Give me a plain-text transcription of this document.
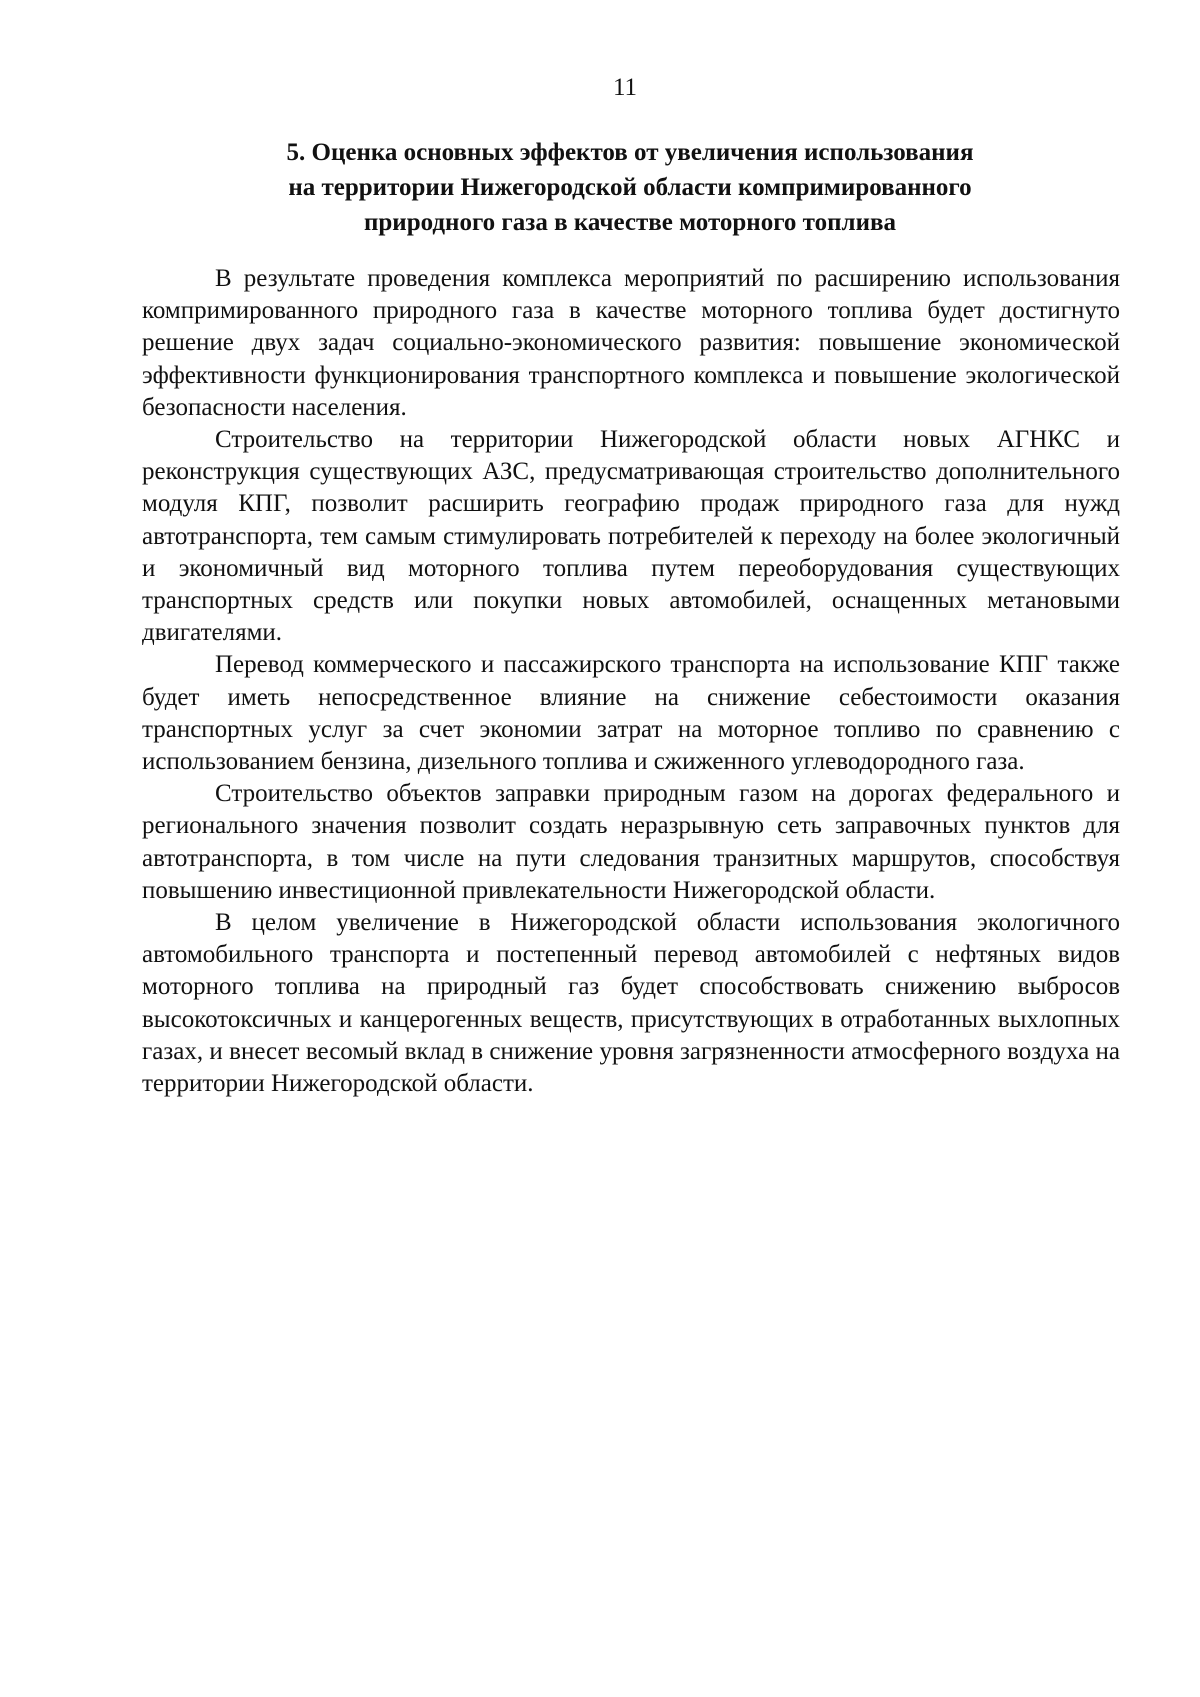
11
5. Оценка основных эффектов от увеличения использования
на территории Нижегородской области компримированного
природного газа в качестве моторного топлива

В результате проведения комплекса мероприятий по расширению использования компримированного природного газа в качестве моторного топлива будет достигнуто решение двух задач социально-экономического развития: повышение экономической эффективности функционирования транспортного комплекса и повышение экологической безопасности населения.

Строительство на территории Нижегородской области новых АГНКС и реконструкция существующих АЗС, предусматривающая строительство дополнительного модуля КПГ, позволит расширить географию продаж природного газа для нужд автотранспорта, тем самым стимулировать потребителей к переходу на более экологичный и экономичный вид моторного топлива путем переоборудования существующих транспортных средств или покупки новых автомобилей, оснащенных метановыми двигателями.

Перевод коммерческого и пассажирского транспорта на использование КПГ также будет иметь непосредственное влияние на снижение себестоимости оказания транспортных услуг за счет экономии затрат на моторное топливо по сравнению с использованием бензина, дизельного топлива и сжиженного углеводородного газа.

Строительство объектов заправки природным газом на дорогах федерального и регионального значения позволит создать неразрывную сеть заправочных пунктов для автотранспорта, в том числе на пути следования транзитных маршрутов, способствуя повышению инвестиционной привлекательности Нижегородской области.

В целом увеличение в Нижегородской области использования экологичного автомобильного транспорта и постепенный перевод автомобилей с нефтяных видов моторного топлива на природный газ будет способствовать снижению выбросов высокотоксичных и канцерогенных веществ, присутствующих в отработанных выхлопных газах, и внесет весомый вклад в снижение уровня загрязненности атмосферного воздуха на территории Нижегородской области.
